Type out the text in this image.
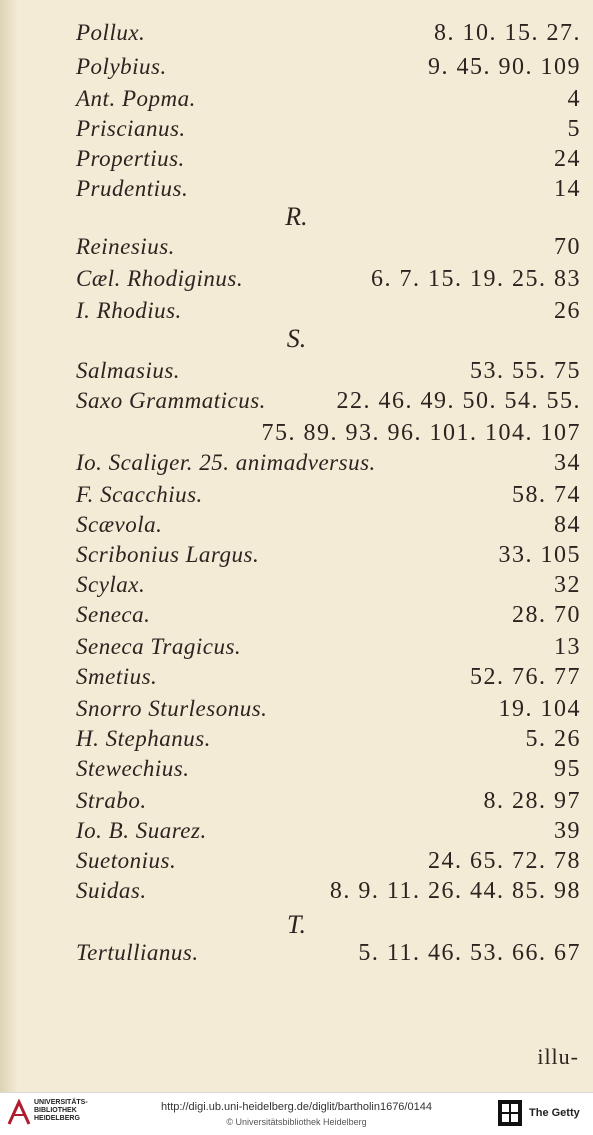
Pollux.	8. 10. 15. 27.
Polybius.	9. 45. 90. 109
Ant. Popma.	4
Priscianus.	5
Propertius.	24
Prudentius.	14
R.
Reinesius.	70
Cæl. Rhodiginus.	6. 7. 15. 19. 25. 83
I. Rhodius.	26
S.
Salmasius.	53. 55. 75
Saxo Grammaticus.	22. 46. 49. 50. 54. 55.
75. 89. 93. 96. 101. 104. 107
Io. Scaliger. 25. animadversus.	34
F. Scacchius.	58. 74
Scævola.	84
Scribonius Largus.	33. 105
Scylax.	32
Seneca.	28. 70
Seneca Tragicus.	13
Smetius.	52. 76. 77
Snorro Sturlesonus.	19. 104
H. Stephanus.	5. 26
Stewechius.	95
Strabo.	8. 28. 97
Io. B. Suarez.	39
Suetonius.	24. 65. 72. 78
Suidas.	8. 9. 11. 26. 44. 85. 98
T.
Tertullianus.	5. 11. 46. 53. 66. 67
illu-
UNIVERSITÄTS-
BIBLIOTHEK
HEIDELBERG
http://digi.ub.uni-heidelberg.de/diglit/bartholin1676/0144
© Universitätsbibliothek Heidelberg
The Getty
